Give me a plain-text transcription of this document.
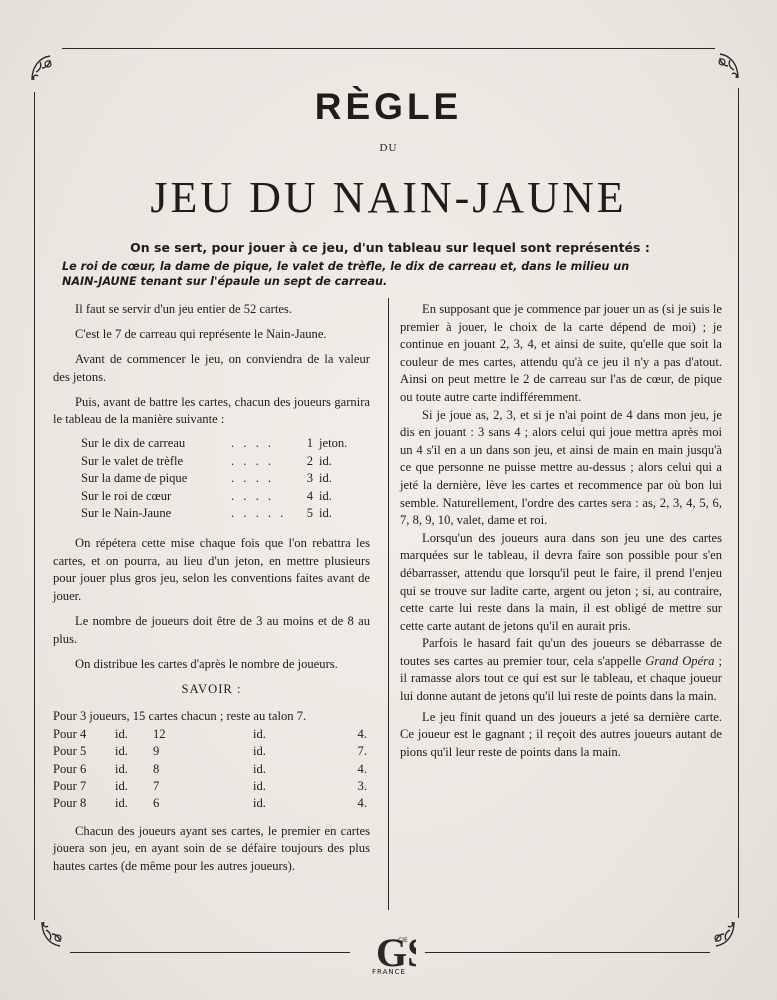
RÈGLE
DU
JEU DU NAIN-JAUNE
On se sert, pour jouer à ce jeu, d'un tableau sur lequel sont représentés :
Le roi de cœur, la dame de pique, le valet de trèfle, le dix de carreau et, dans le milieu un
NAIN-JAUNE tenant sur l'épaule un sept de carreau.

Il faut se servir d'un jeu entier de 52 cartes.

C'est le 7 de carreau qui représente le Nain-Jaune.

Avant de commencer le jeu, on conviendra de la valeur des jetons.

Puis, avant de battre les cartes, chacun des joueurs garnira le tableau de la manière suivante :

Sur le dix de carreau	. . . .	1 jeton.
Sur le valet de trèfle	. . . .	2 id.
Sur la dame de pique	. . . .	3 id.
Sur le roi de cœur	. . . .	4 id.
Sur le Nain-Jaune	. . . . .	5 id.

On répétera cette mise chaque fois que l'on rebattra les cartes, et on pourra, au lieu d'un jeton, en mettre plusieurs pour jouer plus gros jeu, selon les conventions faites avant de jouer.

Le nombre de joueurs doit être de 3 au moins et de 8 au plus.

On distribue les cartes d'après le nombre de joueurs.

SAVOIR :
Pour 3 joueurs, 15 cartes chacun ; reste au talon 7.
Pour 4	id.	12	id.	4.
Pour 5	id.	9	id.	7.
Pour 6	id.	8	id.	4.
Pour 7	id.	7	id.	3.
Pour 8	id.	6	id.	4.

Chacun des joueurs ayant ses cartes, le premier en cartes jouera son jeu, en ayant soin de se défaire toujours des plus hautes cartes (de même pour les autres joueurs).

En supposant que je commence par jouer un as (si je suis le premier à jouer, le choix de la carte dépend de moi) ; je continue en jouant 2, 3, 4, et ainsi de suite, qu'elle que soit la couleur de mes cartes, attendu qu'à ce jeu il n'y a pas d'atout. Ainsi on peut mettre le 2 de carreau sur l'as de cœur, de pique ou toute autre carte indifféremment.

Si je joue as, 2, 3, et si je n'ai point de 4 dans mon jeu, je dis en jouant : 3 sans 4 ; alors celui qui joue mettra après moi un 4 s'il en a un dans son jeu, et ainsi de main en main jusqu'à ce que personne ne puisse mettre au-dessus ; alors celui qui a jeté la dernière, lève les cartes et recommence par où bon lui semble. Naturellement, l'ordre des cartes sera : as, 2, 3, 4, 5, 6, 7, 8, 9, 10, valet, dame et roi.

Lorsqu'un des joueurs aura dans son jeu une des cartes marquées sur le tableau, il devra faire son possible pour s'en débarrasser, attendu que lorsqu'il peut le faire, il prend l'enjeu qui se trouve sur ladite carte, argent ou jeton ; si, au contraire, cette carte lui reste dans la main, il est obligé de mettre sur cette carte autant de jetons qu'il en aurait pris.

Parfois le hasard fait qu'un des joueurs se débarrasse de toutes ses cartes au premier tour, cela s'appelle Grand Opéra ; il ramasse alors tout ce qui est sur le tableau, et chaque joueur lui donne autant de jetons qu'il lui reste de points dans la main.

Le jeu finit quand un des joueurs a jeté sa dernière carte. Ce joueur est le gagnant ; il reçoit des autres joueurs autant de pions qu'il leur reste de points dans la main.

G
CIE
FRANCE
